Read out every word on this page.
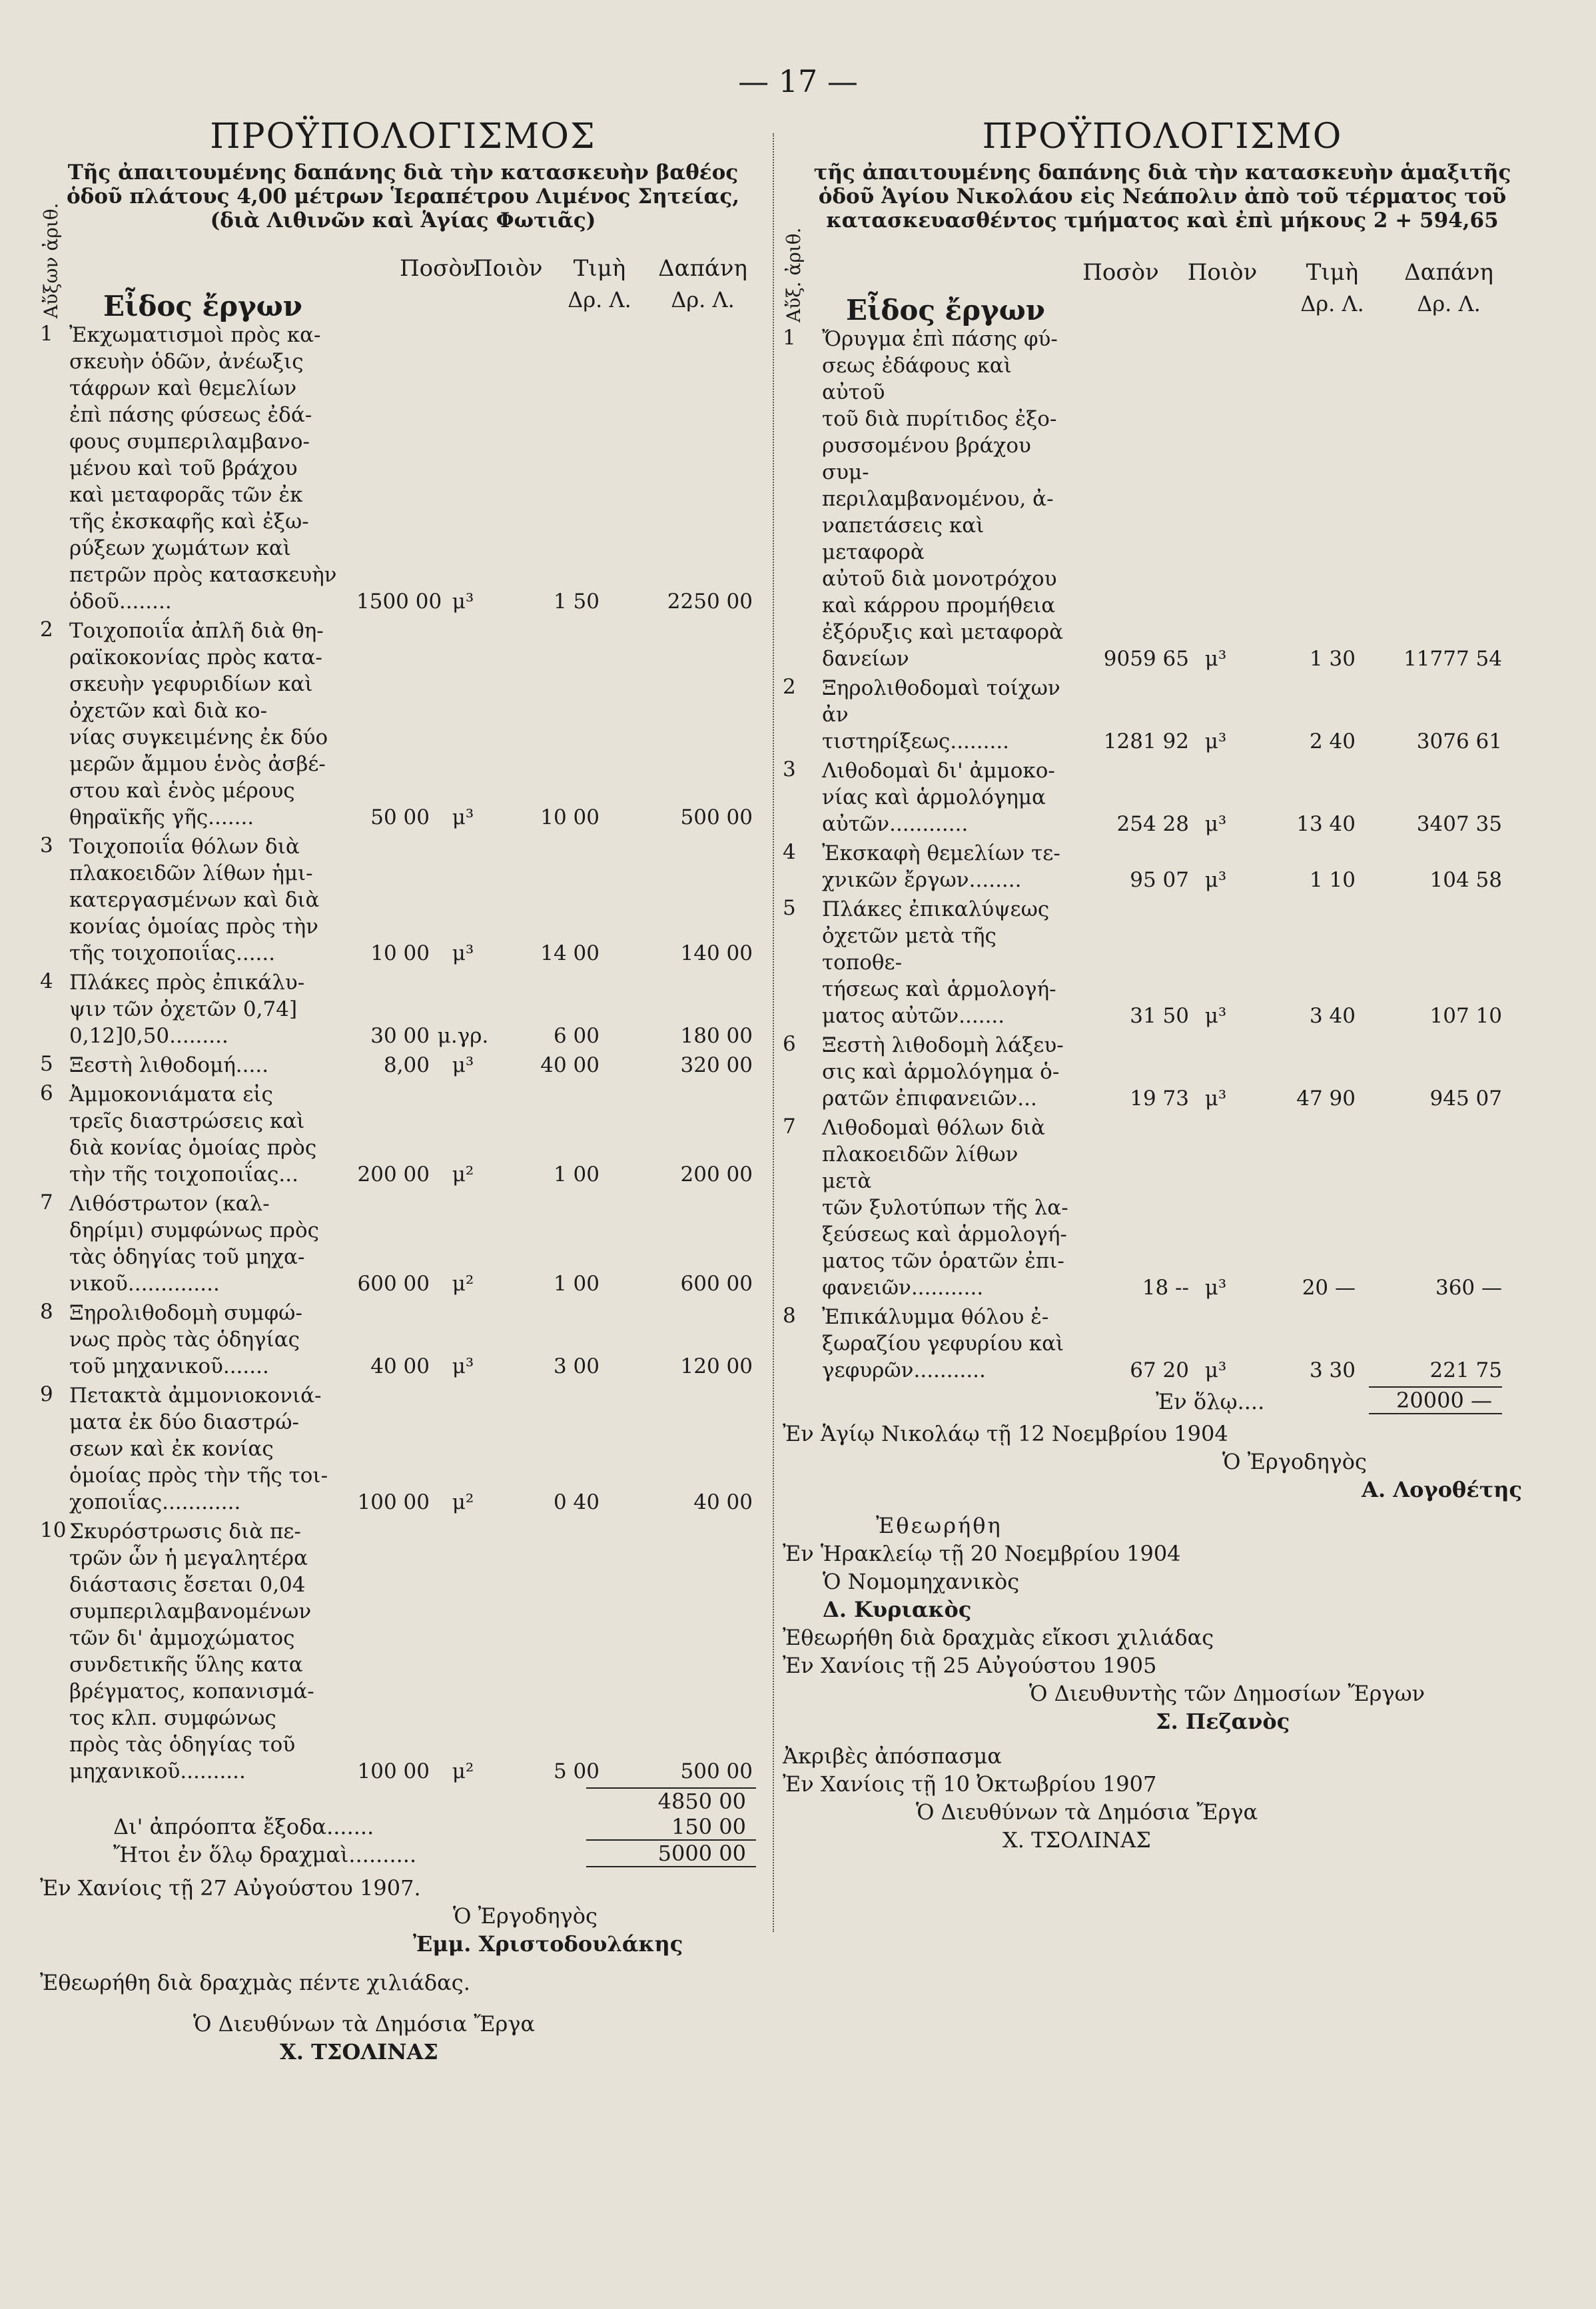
— 17 —
ΠΡΟΫΠΟΛΟΓΙΣΜΟΣ
Τῆς ἀπαιτουμένης δαπάνης διὰ τὴν κατασκευὴν βαθέος ὁδοῦ πλάτους 4,00 μέτρων Ἱεραπέτρου Λιμένος Σητείας, (διὰ Λιθινῶν καὶ Ἁγίας Φωτιᾶς)
Αὔξων ἀριθ. Εἶδος ἔργων
Ποσὸν
Ποιὸν	Τιμὴ	Δαπάνη
Δρ. Λ.	Δρ. Λ.
1 Ἐκχωματισμοὶ πρὸς κα-
σκευὴν ὁδῶν, ἀνέωξις
τάφρων καὶ θεμελίων
ἐπὶ πάσης φύσεως ἐδά-
φους συμπεριλαμβανο-
μένου καὶ τοῦ βράχου
καὶ μεταφορᾶς τῶν ἐκ
τῆς ἐκσκαφῆς καὶ ἐξω-
ρύξεων χωμάτων καὶ
πετρῶν πρὸς κατασκευὴν
ὁδοῦ........	1500 00 μ³	1 50	2250 00
2 Τοιχοποιΐα ἀπλῆ διὰ θη-
ραϊκοκονίας πρὸς κατα-
σκευὴν γεφυριδίων καὶ
ὀχετῶν καὶ διὰ κο-
νίας συγκειμένης ἐκ δύο
μερῶν ἄμμου ἑνὸς ἀσβέ-
στου καὶ ἑνὸς μέρους
θηραϊκῆς γῆς.......	50 00	μ³	10 00	500 00
3 Τοιχοποιΐα θόλων διὰ
πλακοειδῶν λίθων ἡμι-
κατεργασμένων καὶ διὰ
κονίας ὁμοίας πρὸς τὴν
τῆς τοιχοποιΐας......	10 00	μ³	14 00	140 00
4 Πλάκες πρὸς ἐπικάλυ-
ψιν τῶν ὀχετῶν 0,74]
0,12]0,50.........	30 00 μ.γρ.	6 00	180 00
5 Ξεστὴ λιθοδομή.....	8,00	μ³	40 00	320 00
6 Ἀμμοκονιάματα εἰς
τρεῖς διαστρώσεις καὶ
διὰ κονίας ὁμοίας πρὸς
τὴν τῆς τοιχοποιΐας...	200 00	μ²	1 00	200 00
7 Λιθόστρωτον (καλ-
δηρίμι) συμφώνως πρὸς
τὰς ὁδηγίας τοῦ μηχα-
νικοῦ..............	600 00	μ²	1 00	600 00
8 Ξηρολιθοδομὴ συμφώ-
νως πρὸς τὰς ὁδηγίας
τοῦ μηχανικοῦ.......	40 00	μ³	3 00	120 00
9 Πετακτὰ ἀμμονιοκονιά-
ματα ἐκ δύο διαστρώ-
σεων καὶ ἐκ κονίας
ὁμοίας πρὸς τὴν τῆς τοι-
χοποιΐας............	100 00	μ²	0 40	40 00
10 Σκυρόστρωσις διὰ πε-
τρῶν ὧν ἡ μεγαλητέρα
διάστασις ἔσεται 0,04
συμπεριλαμβανομένων
τῶν δι' ἀμμοχώματος
συνδετικῆς ὕλης κατα
βρέγματος, κοπανισμά-
τος κλπ. συμφώνως
πρὸς τὰς ὁδηγίας τοῦ
μηχανικοῦ..........	100 00	μ²	5 00	500 00
4850 00
Δι' ἀπρόοπτα ἔξοδα.......	150 00
Ἤτοι ἐν ὅλῳ δραχμαὶ..........	5000 00
Ἐν Χανίοις τῇ 27 Αὐγούστου 1907.
Ὁ Ἐργοδηγὸς
Ἐμμ. Χριστοδουλάκης
Ἐθεωρήθη διὰ δραχμὰς πέντε χιλιάδας.
Ὁ Διευθύνων τὰ Δημόσια Ἔργα
Χ. ΤΣΟΛΙΝΑΣ
ΠΡΟΫΠΟΛΟΓΙΣΜΟ
τῆς ἀπαιτουμένης δαπάνης διὰ τὴν κατασκευὴν ἁμαξιτῆς ὁδοῦ Ἁγίου Νικολάου εἰς Νεάπολιν ἀπὸ τοῦ τέρματος τοῦ κατασκευασθέντος τμήματος καὶ ἐπὶ μήκους 2 + 594,65
Αὔξ. ἀριθ. Εἶδος ἔργων
Ποσὸν	Ποιὸν	Τιμὴ	Δαπάνη
Δρ. Λ.	Δρ. Λ.
1	Ὄρυγμα ἐπὶ πάσης φύ-
σεως ἐδάφους καὶ αὐτοῦ
τοῦ διὰ πυρίτιδος ἐξο-
ρυσσομένου βράχου συμ-
περιλαμβανομένου, ἀ-
ναπετάσεις καὶ μεταφορὰ
αὐτοῦ διὰ μονοτρόχου
καὶ κάρρου προμήθεια
ἐξόρυξις καὶ μεταφορὰ
δανείων	9059 65 μ³	1 30	11777 54
2	Ξηρολιθοδομαὶ τοίχων ἀν
τιστηρίξεως.........	1281 92 μ³	2 40	3076 61
3	Λιθοδομαὶ δι' ἀμμοκο-
νίας καὶ ἁρμολόγημα
αὐτῶν............	254 28 μ³	13 40	3407 35
4	Ἐκσκαφὴ θεμελίων τε-
χνικῶν ἔργων........	95 07 μ³	1 10	104 58
5	Πλάκες ἐπικαλύψεως
ὀχετῶν μετὰ τῆς τοποθε-
τήσεως καὶ ἁρμολογή-
ματος αὐτῶν.......	31 50 μ³	3 40	107 10
6	Ξεστὴ λιθοδομὴ λάξευ-
σις καὶ ἁρμολόγημα ὁ-
ρατῶν ἐπιφανειῶν...	19 73 μ³	47 90	945 07
7	Λιθοδομαὶ θόλων διὰ
πλακοειδῶν λίθων μετὰ
τῶν ξυλοτύπων τῆς λα-
ξεύσεως καὶ ἁρμολογή-
ματος τῶν ὁρατῶν ἐπι-
φανειῶν...........	18 -- μ³	20 —	360 —
8	Ἐπικάλυμμα θόλου ἐ-
ξωραζίου γεφυρίου καὶ
γεφυρῶν...........	67 20 μ³	3 30	221 75
Ἐν ὅλῳ....	20000 —
Ἐν Ἁγίῳ Νικολάῳ τῇ 12 Νοεμβρίου 1904
Ὁ Ἐργοδηγὸς
Α. Λογοθέτης
Ἐθεωρήθη
Ἐν Ἡρακλείῳ τῇ 20 Νοεμβρίου 1904
Ὁ Νομομηχανικὸς
Δ. Κυριακὸς
Ἐθεωρήθη διὰ δραχμὰς εἴκοσι χιλιάδας
Ἐν Χανίοις τῇ 25 Αὐγούστου 1905
Ὁ Διευθυντὴς τῶν Δημοσίων Ἔργων
Σ. Πεζανὸς
Ἀκριβὲς ἀπόσπασμα
Ἐν Χανίοις τῇ 10 Ὀκτωβρίου 1907
Ὁ Διευθύνων τὰ Δημόσια Ἔργα
Χ. ΤΣΟΛΙΝΑΣ
